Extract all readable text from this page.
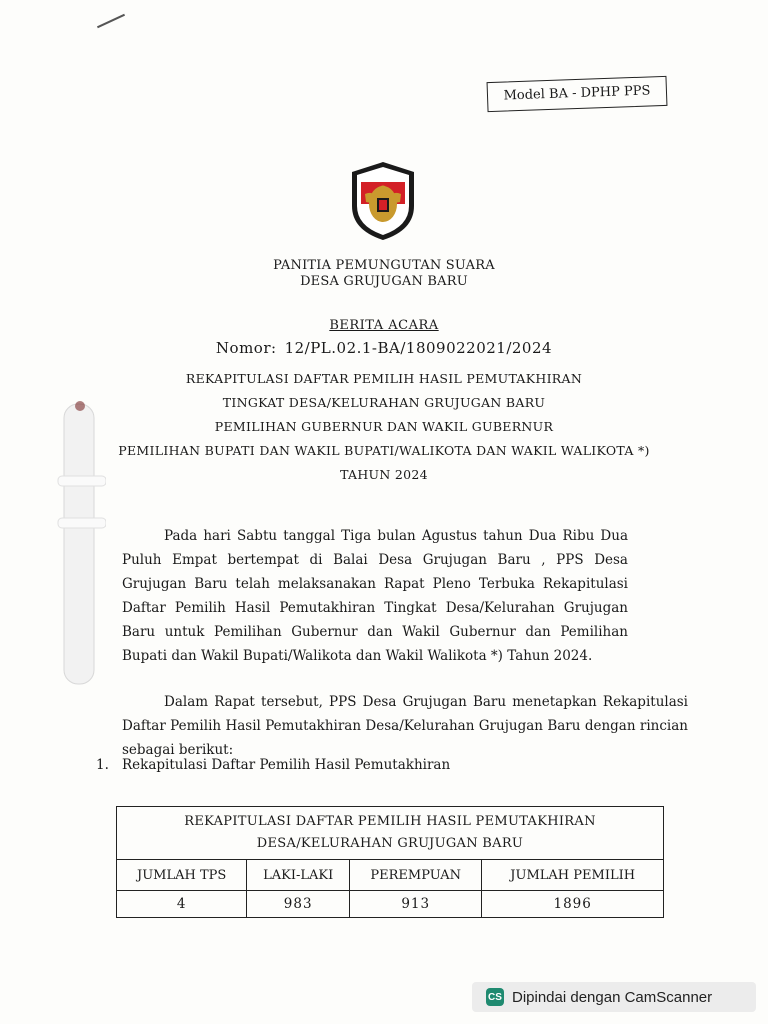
Model BA - DPHP PPS
PANITIA PEMUNGUTAN SUARA
DESA GRUJUGAN BARU
BERITA ACARA
Nomor: 12/PL.02.1-BA/1809022021/2024
REKAPITULASI DAFTAR PEMILIH HASIL PEMUTAKHIRAN
TINGKAT DESA/KELURAHAN GRUJUGAN BARU
PEMILIHAN GUBERNUR DAN WAKIL GUBERNUR
PEMILIHAN BUPATI DAN WAKIL BUPATI/WALIKOTA DAN WAKIL WALIKOTA *)
TAHUN 2024
Pada hari Sabtu tanggal Tiga bulan Agustus tahun Dua Ribu Dua Puluh Empat bertempat di Balai Desa Grujugan Baru , PPS Desa Grujugan Baru telah melaksanakan Rapat Pleno Terbuka Rekapitulasi Daftar Pemilih Hasil Pemutakhiran Tingkat Desa/Kelurahan Grujugan Baru untuk Pemilihan Gubernur dan Wakil Gubernur dan Pemilihan Bupati dan Wakil Bupati/Walikota dan Wakil Walikota *) Tahun 2024.
Dalam Rapat tersebut, PPS Desa Grujugan Baru menetapkan Rekapitulasi Daftar Pemilih Hasil Pemutakhiran Desa/Kelurahan Grujugan Baru dengan rincian sebagai berikut:
1. Rekapitulasi Daftar Pemilih Hasil Pemutakhiran
REKAPITULASI DAFTAR PEMILIH HASIL PEMUTAKHIRAN
DESA/KELURAHAN GRUJUGAN BARU			

JUMLAH TPS	LAKI-LAKI	PEREMPUAN	JUMLAH PEMILIH
4	983	913	1896
CS Dipindai dengan CamScanner
